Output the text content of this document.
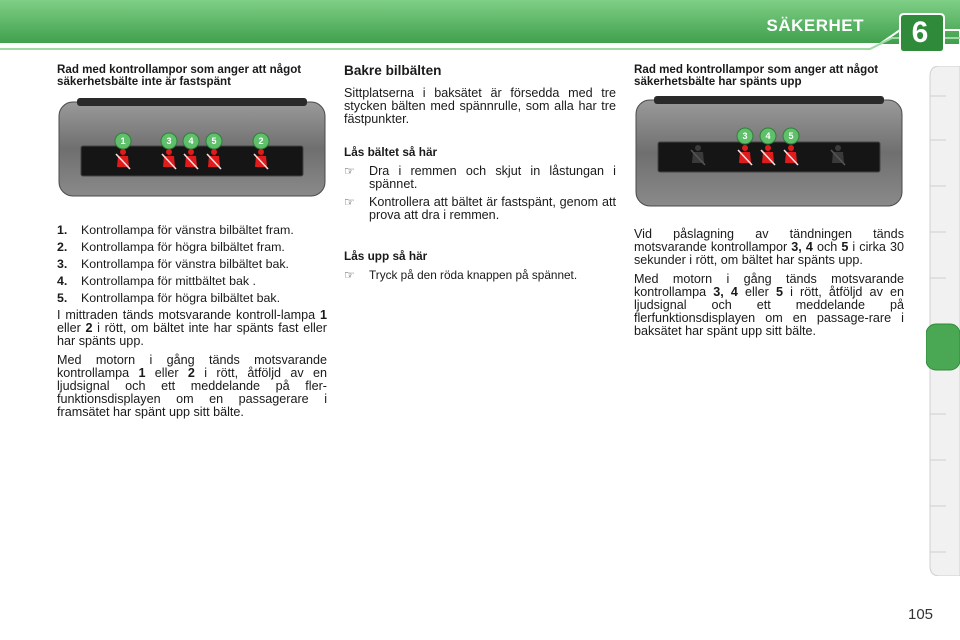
SÄKERHET	6
Rad med kontrollampor som anger att något säkerhetsbälte inte är fastspänt
1	3 4 5	2
1.	Kontrollampa för vänstra bilbältet fram.
2.	Kontrollampa för högra bilbältet fram.
3.	Kontrollampa för vänstra bilbältet bak.
4.	Kontrollampa för mittbältet bak .
5.	Kontrollampa för högra bilbältet bak.

I mittraden tänds motsvarande kontroll-lampa 1 eller 2 i rött, om bältet inte har spänts fast eller har spänts upp.

Med motorn i gång tänds motsvarande kontrollampa 1 eller 2 i rött, åtföljd av en ljudsignal och ett meddelande på fler-funktionsdisplayen om en passagerare i framsätet har spänt upp sitt bälte.

Bakre bilbälten

Sittplatserna i baksätet är försedda med tre stycken bälten med spännrulle, som alla har tre fästpunkter.

Lås bältet så här
☞	Dra i remmen och skjut in låstungan i spännet.
☞	Kontrollera att bältet är fastspänt, genom att prova att dra i remmen.
Lås upp så här
☞	Tryck på den röda knappen på spännet.
Rad med kontrollampor som anger att något säkerhetsbälte har spänts upp
3 4 5

Vid påslagning av tändningen tänds motsvarande kontrollampor 3, 4 och 5 i cirka 30 sekunder i rött, om bältet har spänts upp.

Med motorn i gång tänds motsvarande kontrollampa 3, 4 eller 5 i rött, åtföljd av en ljudsignal och ett meddelande på flerfunktionsdisplayen om en passage-rare i baksätet har spänt upp sitt bälte.

105
